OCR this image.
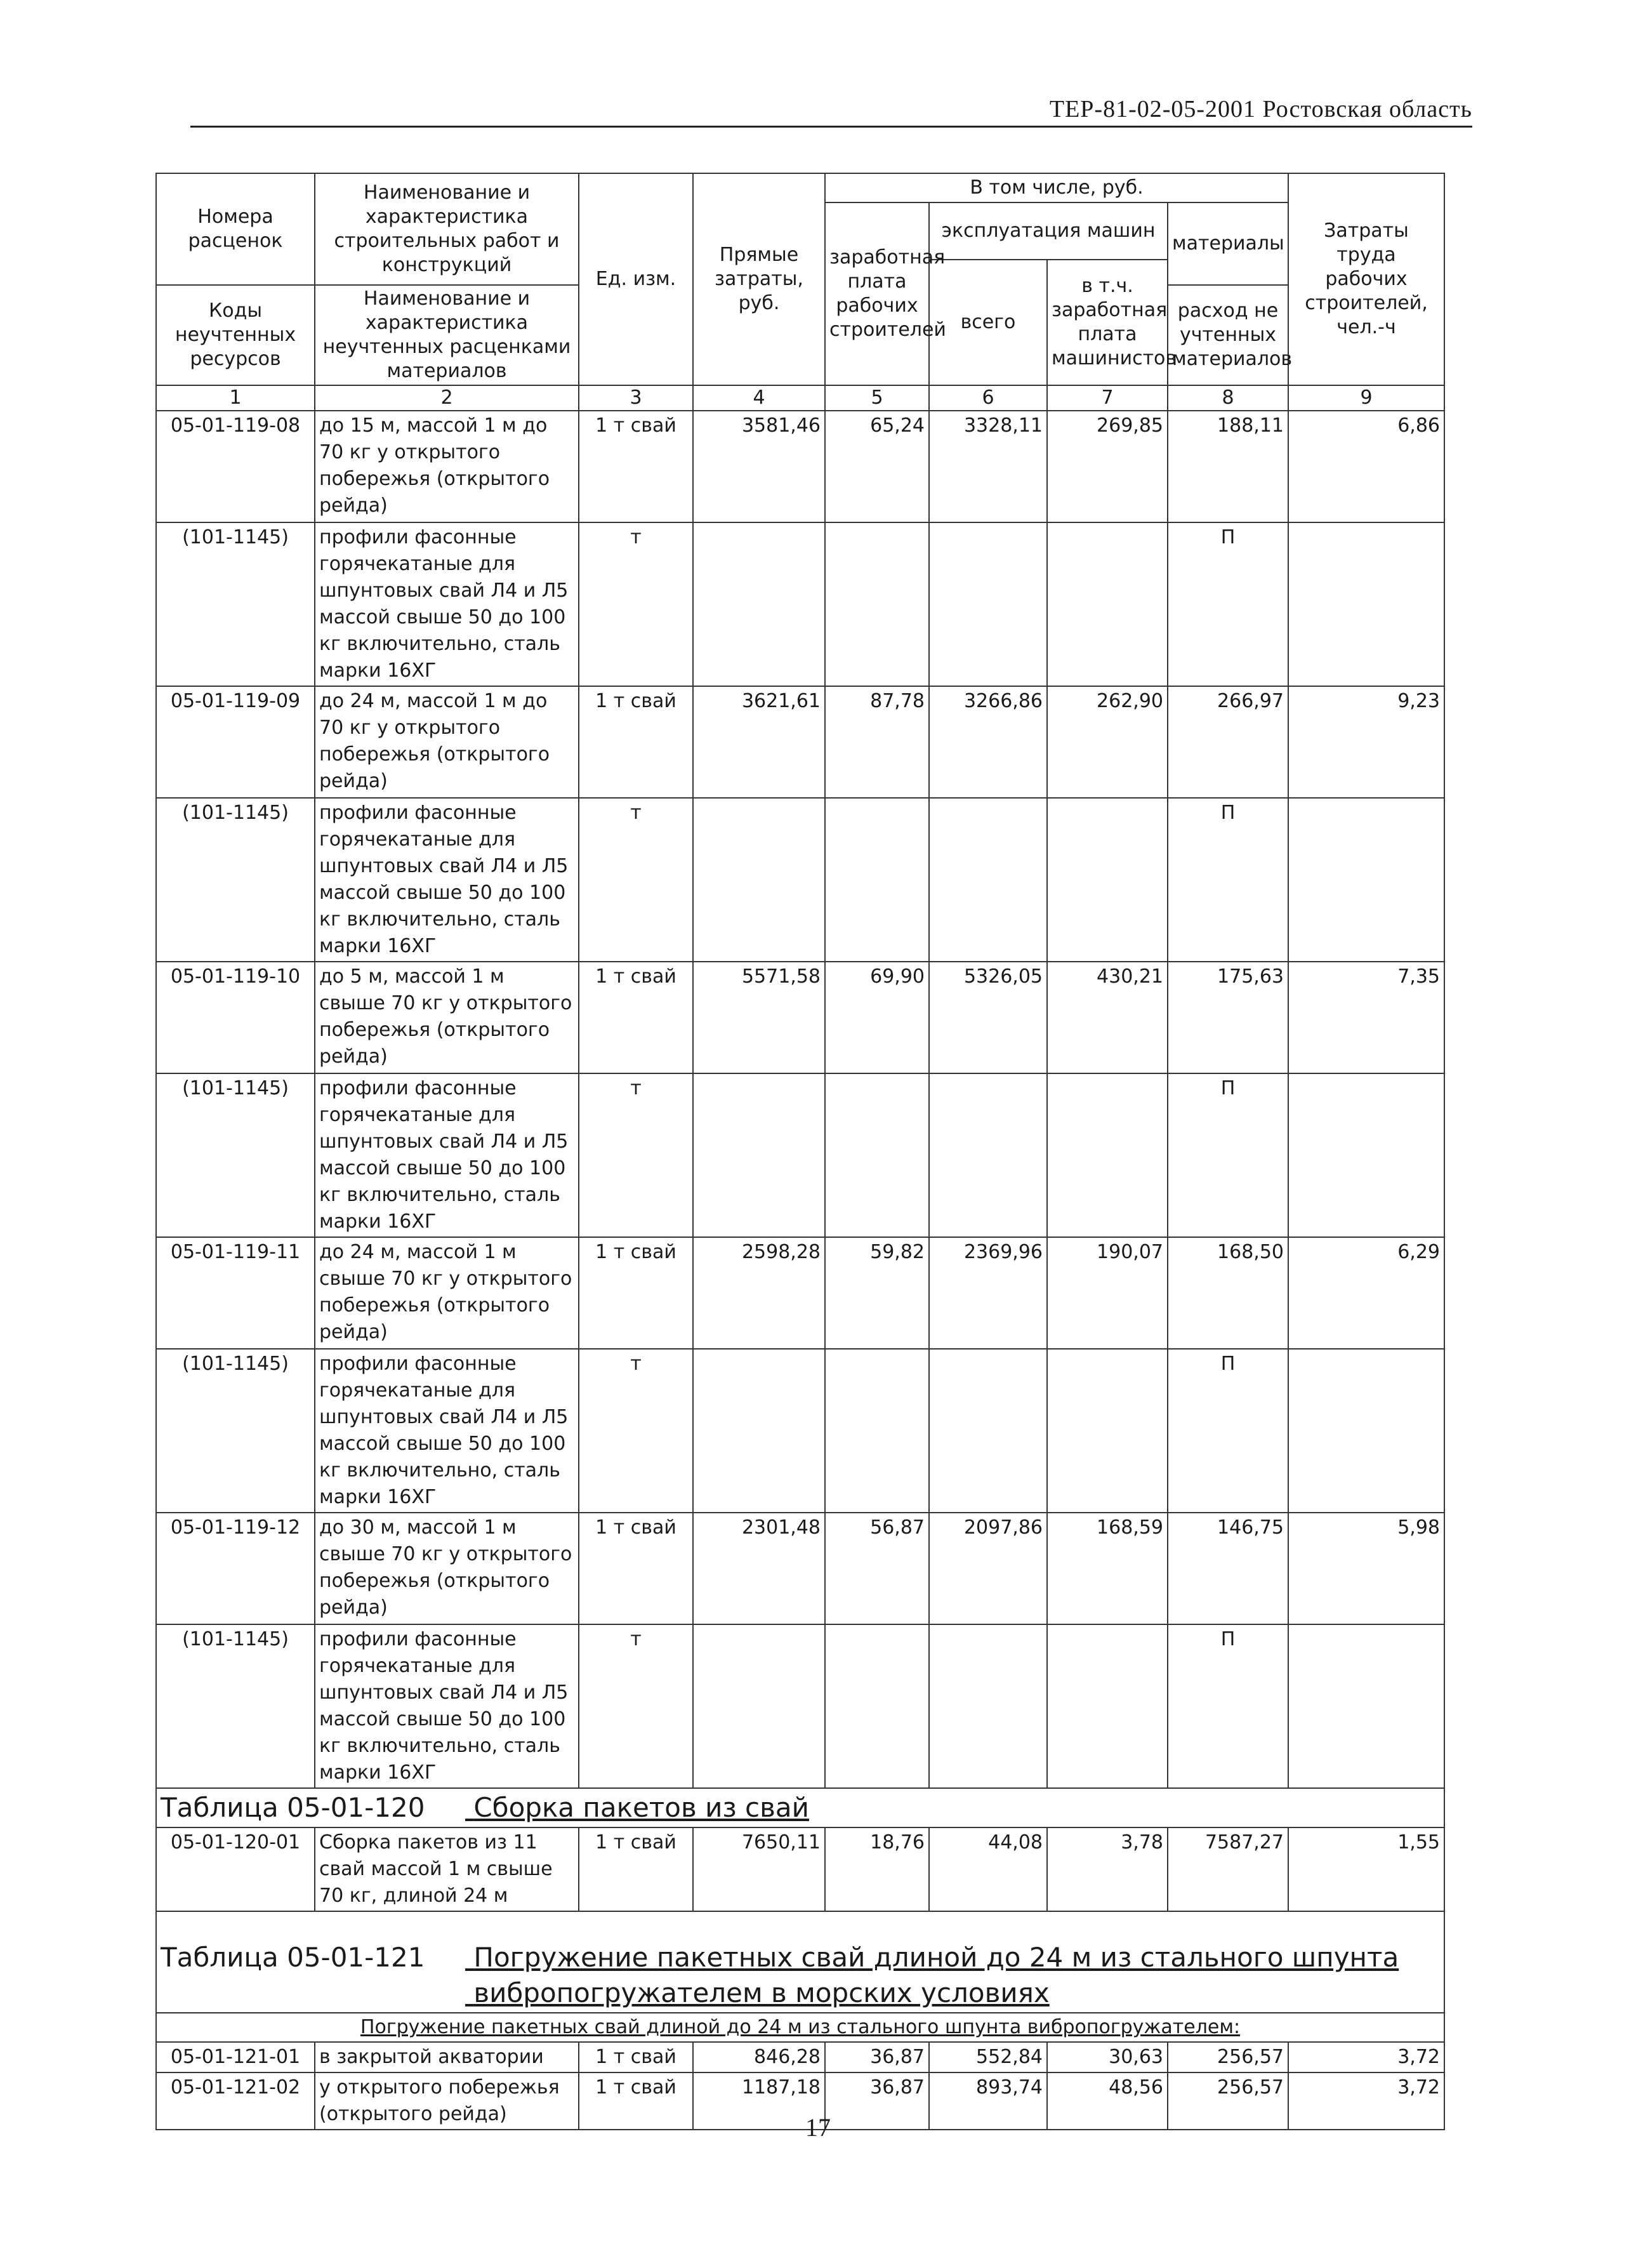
ТЕР-81-02-05-2001 Ростовская область
Номера расценок	Наименование и характеристика строительных работ и конструкций	Ед. изм.	Прямые затраты, руб.	В том числе, руб.				Затраты труда рабочих строителей, чел.-ч
				заработная плата рабочих строителей	эксплуатация машин		материалы	
					всего	в т.ч. заработная плата машинистов		
Коды неучтенных ресурсов	Наименование и характеристика неучтенных расценками материалов						расход не учтенных материалов	

1	2	3	4	5	6	7	8	9
05-01-119-08	до 15 м, массой 1 м до 70 кг у открытого побережья (открытого рейда)	1 т свай	3581,46	65,24	3328,11	269,85	188,11	6,86
(101-1145)	профили фасонные горячекатаные для шпунтовых свай Л4 и Л5 массой свыше 50 до 100 кг включительно, сталь марки 16ХГ	т					П	
05-01-119-09	до 24 м, массой 1 м до 70 кг у открытого побережья (открытого рейда)	1 т свай	3621,61	87,78	3266,86	262,90	266,97	9,23
(101-1145)	профили фасонные горячекатаные для шпунтовых свай Л4 и Л5 массой свыше 50 до 100 кг включительно, сталь марки 16ХГ	т					П	
05-01-119-10	до 5 м, массой 1 м свыше 70 кг у открытого побережья (открытого рейда)	1 т свай	5571,58	69,90	5326,05	430,21	175,63	7,35
(101-1145)	профили фасонные горячекатаные для шпунтовых свай Л4 и Л5 массой свыше 50 до 100 кг включительно, сталь марки 16ХГ	т					П	
05-01-119-11	до 24 м, массой 1 м свыше 70 кг у открытого побережья (открытого рейда)	1 т свай	2598,28	59,82	2369,96	190,07	168,50	6,29
(101-1145)	профили фасонные горячекатаные для шпунтовых свай Л4 и Л5 массой свыше 50 до 100 кг включительно, сталь марки 16ХГ	т					П	
05-01-119-12	до 30 м, массой 1 м свыше 70 кг у открытого побережья (открытого рейда)	1 т свай	2301,48	56,87	2097,86	168,59	146,75	5,98
(101-1145)	профили фасонные горячекатаные для шпунтовых свай Л4 и Л5 массой свыше 50 до 100 кг включительно, сталь марки 16ХГ	т					П	
Таблица 05-01-120 Сборка пакетов из свай								
05-01-120-01	Сборка пакетов из 11 свай массой 1 м свыше 70 кг, длиной 24 м	1 т свай	7650,11	18,76	44,08	3,78	7587,27	1,55
Таблица 05-01-121 Погружение пакетных свай длиной до 24 м из стального шпунта
вибропогружателем в морских условиях								
Погружение пакетных свай длиной до 24 м из стального шпунта вибропогружателем:								
05-01-121-01	в закрытой акватории	1 т свай	846,28	36,87	552,84	30,63	256,57	3,72
05-01-121-02	у открытого побережья (открытого рейда)	1 т свай	1187,18	36,87	893,74	48,56	256,57	3,72
17
